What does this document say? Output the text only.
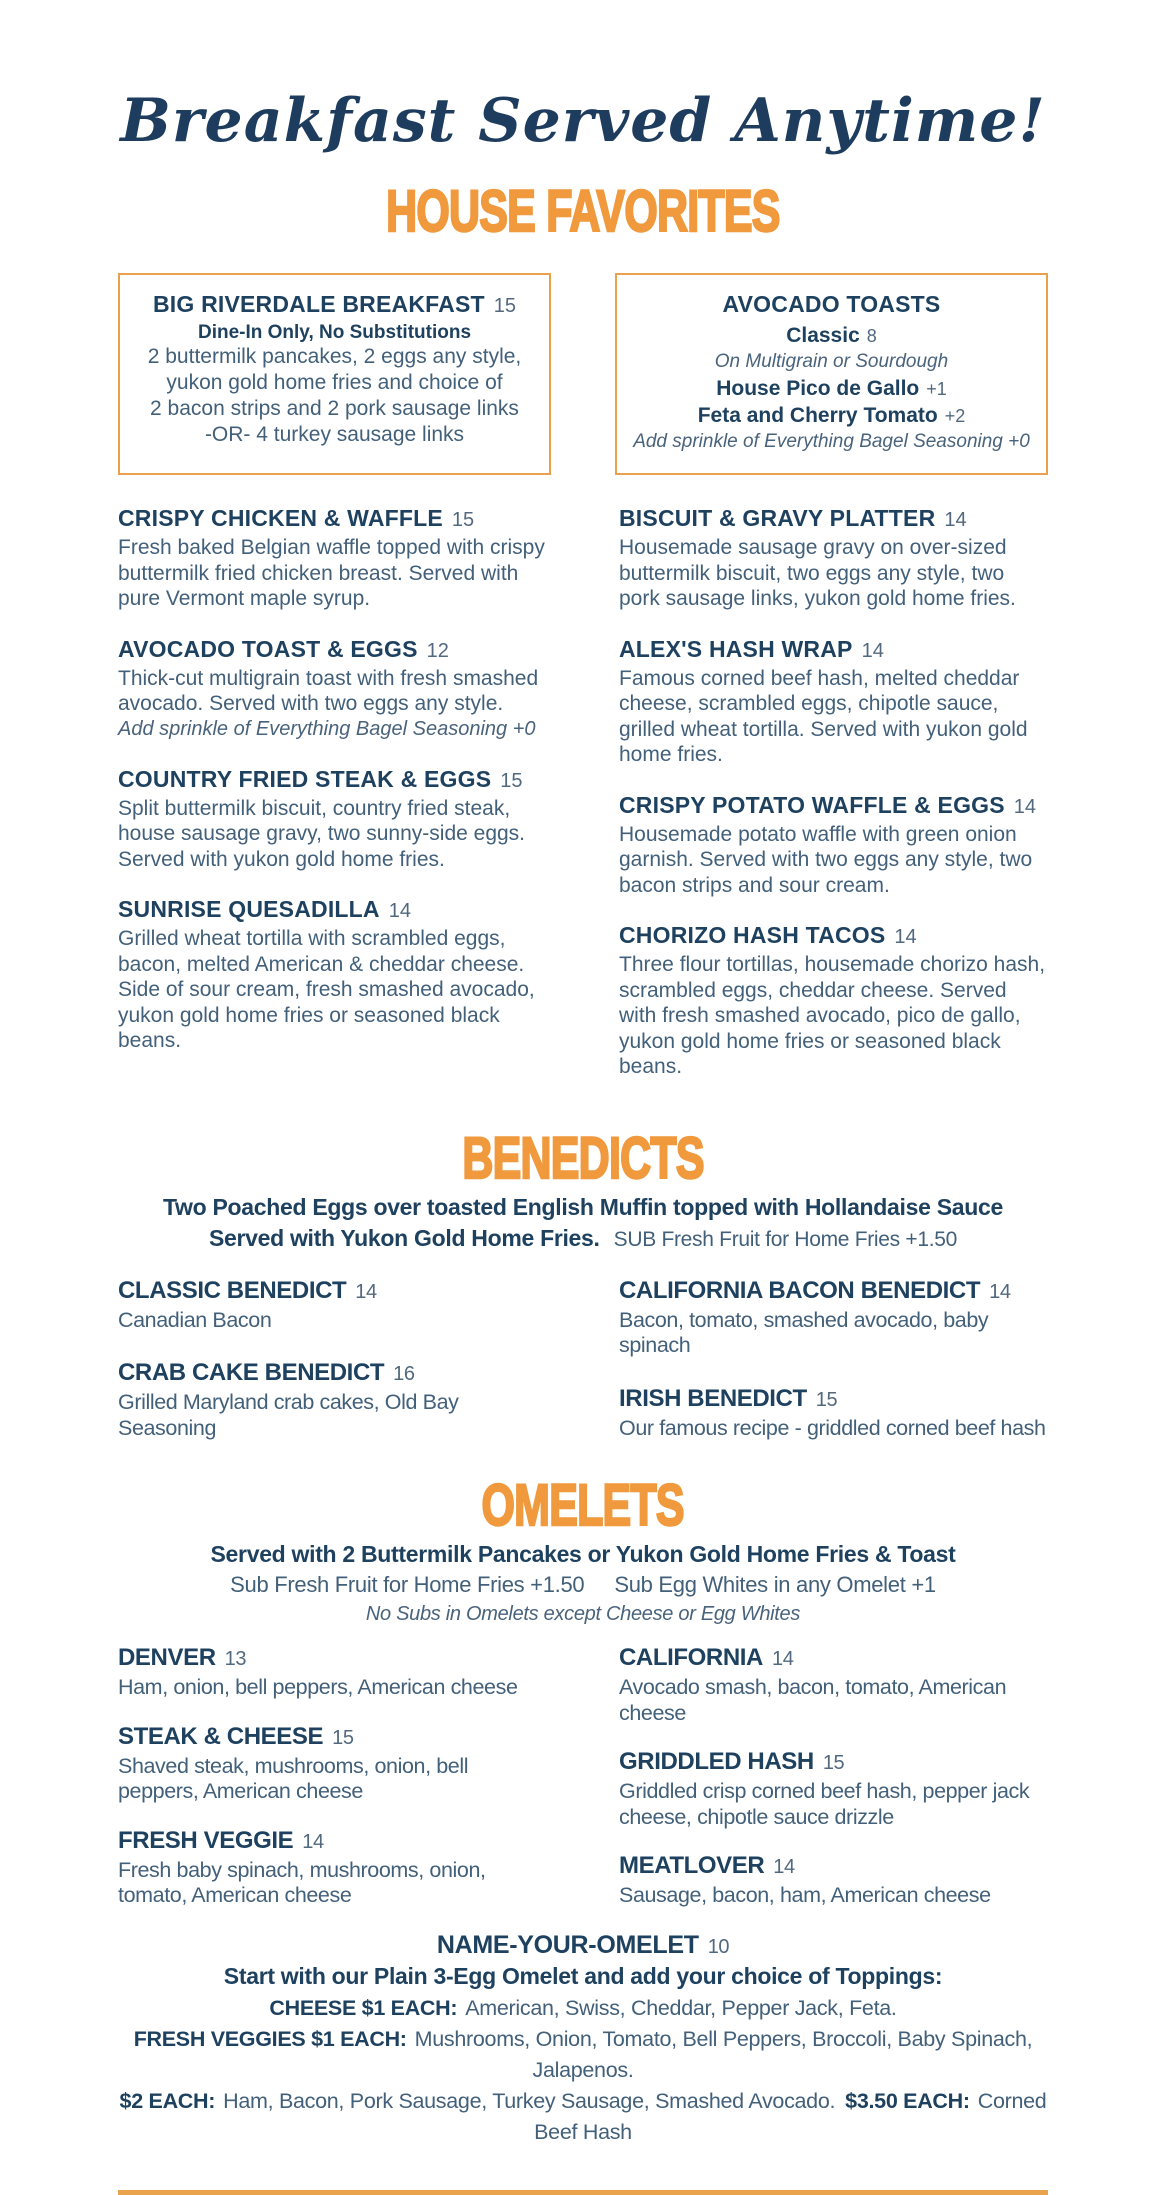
Breakfast Served Anytime!
HOUSE FAVORITES
BIG RIVERDALE BREAKFAST 15
Dine-In Only, No Substitutions
2 buttermilk pancakes, 2 eggs any style,
yukon gold home fries and choice of
2 bacon strips and 2 pork sausage links
-OR- 4 turkey sausage links
AVOCADO TOASTS
Classic 8
On Multigrain or Sourdough
House Pico de Gallo +1
Feta and Cherry Tomato +2
Add sprinkle of Everything Bagel Seasoning +0
CRISPY CHICKEN & WAFFLE 15
Fresh baked Belgian waffle topped with crispy buttermilk fried chicken breast. Served with pure Vermont maple syrup.
AVOCADO TOAST & EGGS 12
Thick-cut multigrain toast with fresh smashed avocado. Served with two eggs any style.
Add sprinkle of Everything Bagel Seasoning +0
COUNTRY FRIED STEAK & EGGS 15
Split buttermilk biscuit, country fried steak, house sausage gravy, two sunny-side eggs. Served with yukon gold home fries.
SUNRISE QUESADILLA 14
Grilled wheat tortilla with scrambled eggs, bacon, melted American & cheddar cheese. Side of sour cream, fresh smashed avocado, yukon gold home fries or seasoned black beans.
BISCUIT & GRAVY PLATTER 14
Housemade sausage gravy on over-sized buttermilk biscuit, two eggs any style, two pork sausage links, yukon gold home fries.
ALEX'S HASH WRAP 14
Famous corned beef hash, melted cheddar cheese, scrambled eggs, chipotle sauce, grilled wheat tortilla. Served with yukon gold home fries.
CRISPY POTATO WAFFLE & EGGS 14
Housemade potato waffle with green onion garnish. Served with two eggs any style, two bacon strips and sour cream.
CHORIZO HASH TACOS 14
Three flour tortillas, housemade chorizo hash, scrambled eggs, cheddar cheese. Served with fresh smashed avocado, pico de gallo, yukon gold home fries or seasoned black beans.
BENEDICTS
Two Poached Eggs over toasted English Muffin topped with Hollandaise Sauce
Served with Yukon Gold Home Fries. SUB Fresh Fruit for Home Fries +1.50
CLASSIC BENEDICT 14
Canadian Bacon
CRAB CAKE BENEDICT 16
Grilled Maryland crab cakes, Old Bay Seasoning
CALIFORNIA BACON BENEDICT 14
Bacon, tomato, smashed avocado, baby spinach
IRISH BENEDICT 15
Our famous recipe - griddled corned beef hash
OMELETS
Served with 2 Buttermilk Pancakes or Yukon Gold Home Fries & Toast
Sub Fresh Fruit for Home Fries +1.50 Sub Egg Whites in any Omelet +1
No Subs in Omelets except Cheese or Egg Whites
DENVER 13
Ham, onion, bell peppers, American cheese
STEAK & CHEESE 15
Shaved steak, mushrooms, onion, bell peppers, American cheese
FRESH VEGGIE 14
Fresh baby spinach, mushrooms, onion, tomato, American cheese
CALIFORNIA 14
Avocado smash, bacon, tomato, American cheese
GRIDDLED HASH 15
Griddled crisp corned beef hash, pepper jack cheese, chipotle sauce drizzle
MEATLOVER 14
Sausage, bacon, ham, American cheese
NAME-YOUR-OMELET 10
Start with our Plain 3-Egg Omelet and add your choice of Toppings:
CHEESE $1 EACH: American, Swiss, Cheddar, Pepper Jack, Feta.
FRESH VEGGIES $1 EACH: Mushrooms, Onion, Tomato, Bell Peppers, Broccoli, Baby Spinach, Jalapenos.
$2 EACH: Ham, Bacon, Pork Sausage, Turkey Sausage, Smashed Avocado. $3.50 EACH: Corned Beef Hash
